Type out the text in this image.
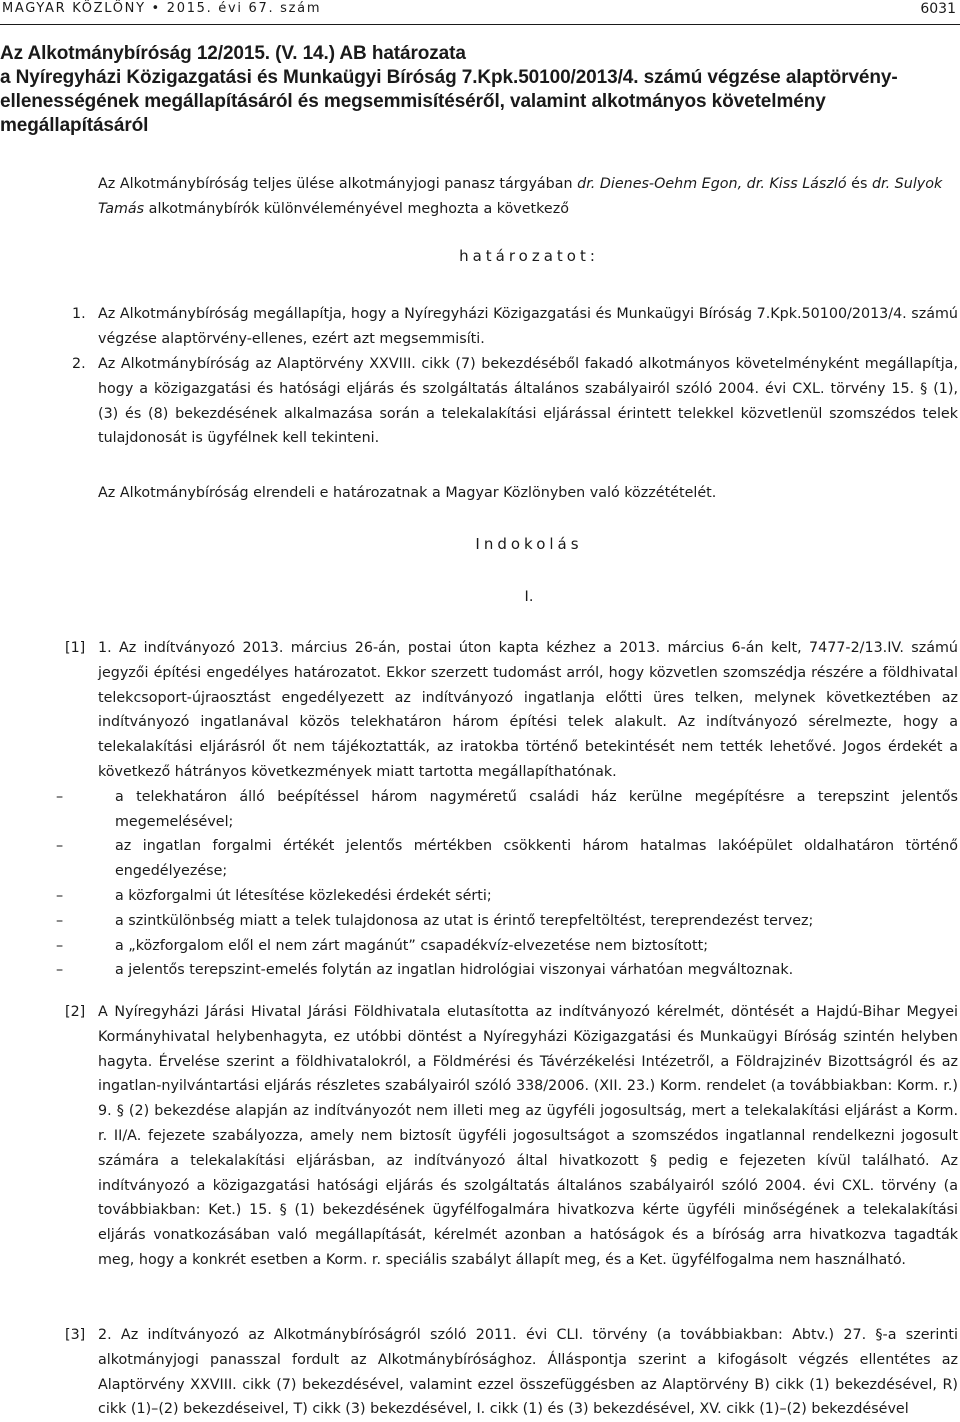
MAGYAR KÖZLÖNY • 2015. évi 67. szám	6031
Az Alkotmánybíróság 12/2015. (V. 14.) AB határozata
a Nyíregyházi Közigazgatási és Munkaügyi Bíróság 7.Kpk.50100/2013/4. számú végzése alaptörvény-
ellenességének megállapításáról és megsemmisítéséről, valamint alkotmányos követelmény
megállapításáról

Az Alkotmánybíróság teljes ülése alkotmányjogi panasz tárgyában dr. Dienes-Oehm Egon, dr. Kiss László és dr. Sulyok Tamás alkotmánybírók különvéleményével meghozta a következő

határozatot:

1. Az Alkotmánybíróság megállapítja, hogy a Nyíregyházi Közigazgatási és Munkaügyi Bíróság 7.Kpk.50100/2013/4. számú végzése alaptörvény-ellenes, ezért azt megsemmisíti.
2. Az Alkotmánybíróság az Alaptörvény XXVIII. cikk (7) bekezdéséből fakadó alkotmányos követelményként megállapítja, hogy a közigazgatási és hatósági eljárás és szolgáltatás általános szabályairól szóló 2004. évi CXL. törvény 15. § (1), (3) és (8) bekezdésének alkalmazása során a telekalakítási eljárással érintett telekkel közvetlenül szomszédos telek tulajdonosát is ügyfélnek kell tekinteni.

Az Alkotmánybíróság elrendeli e határozatnak a Magyar Közlönyben való közzétételét.

Indokolás

I.

[1] 1. Az indítványozó 2013. március 26-án, postai úton kapta kézhez a 2013. március 6-án kelt, 7477-2/13.IV. számú jegyzői építési engedélyes határozatot. Ekkor szerzett tudomást arról, hogy közvetlen szomszédja részére a földhivatal telekcsoport-újraosztást engedélyezett az indítványozó ingatlanja előtti üres telken, melynek következtében az indítványozó ingatlanával közös telekhatáron három építési telek alakult. Az indítványozó sérelmezte, hogy a telekalakítási eljárásról őt nem tájékoztatták, az iratokba történő betekintését nem tették lehetővé. Jogos érdekét a következő hátrányos következmények miatt tartotta megállapíthatónak.
–	a telekhatáron álló beépítéssel három nagyméretű családi ház kerülne megépítésre a terepszint jelentős megemelésével;
–	az ingatlan forgalmi értékét jelentős mértékben csökkenti három hatalmas lakóépület oldalhatáron történő engedélyezése;
–	a közforgalmi út létesítése közlekedési érdekét sérti;
–	a szintkülönbség miatt a telek tulajdonosa az utat is érintő terepfeltöltést, tereprendezést tervez;
–	a „közforgalom elől el nem zárt magánút” csapadékvíz-elvezetése nem biztosított;
–	a jelentős terepszint-emelés folytán az ingatlan hidrológiai viszonyai várhatóan megváltoznak.
[2] A Nyíregyházi Járási Hivatal Járási Földhivatala elutasította az indítványozó kérelmét, döntését a Hajdú-Bihar Megyei Kormányhivatal helybenhagyta, ez utóbbi döntést a Nyíregyházi Közigazgatási és Munkaügyi Bíróság szintén helyben hagyta. Érvelése szerint a földhivatalokról, a Földmérési és Távérzékelési Intézetről, a Földrajzinév Bizottságról és az ingatlan-nyilvántartási eljárás részletes szabályairól szóló 338/2006. (XII. 23.) Korm. rendelet (a továbbiakban: Korm. r.) 9. § (2) bekezdése alapján az indítványozót nem illeti meg az ügyféli jogosultság, mert a telekalakítási eljárást a Korm. r. II/A. fejezete szabályozza, amely nem biztosít ügyféli jogosultságot a szomszédos ingatlannal rendelkezni jogosult számára a telekalakítási eljárásban, az indítványozó által hivatkozott § pedig e fejezeten kívül található. Az indítványozó a közigazgatási hatósági eljárás és szolgáltatás általános szabályairól szóló 2004. évi CXL. törvény (a továbbiakban: Ket.) 15. § (1) bekezdésének ügyfélfogalmára hivatkozva kérte ügyféli minőségének a telekalakítási eljárás vonatkozásában való megállapítását, kérelmét azonban a hatóságok és a bíróság arra hivatkozva tagadták meg, hogy a konkrét esetben a Korm. r. speciális szabályt állapít meg, és a Ket. ügyfélfogalma nem használható.
[3] 2. Az indítványozó az Alkotmánybíróságról szóló 2011. évi CLI. törvény (a továbbiakban: Abtv.) 27. §-a szerinti alkotmányjogi panasszal fordult az Alkotmánybírósághoz. Álláspontja szerint a kifogásolt végzés ellentétes az Alaptörvény XXVIII. cikk (7) bekezdésével, valamint ezzel összefüggésben az Alaptörvény B) cikk (1) bekezdésével, R) cikk (1)–(2) bekezdéseivel, T) cikk (3) bekezdésével, I. cikk (1) és (3) bekezdésével, XV. cikk (1)–(2) bekezdésével
